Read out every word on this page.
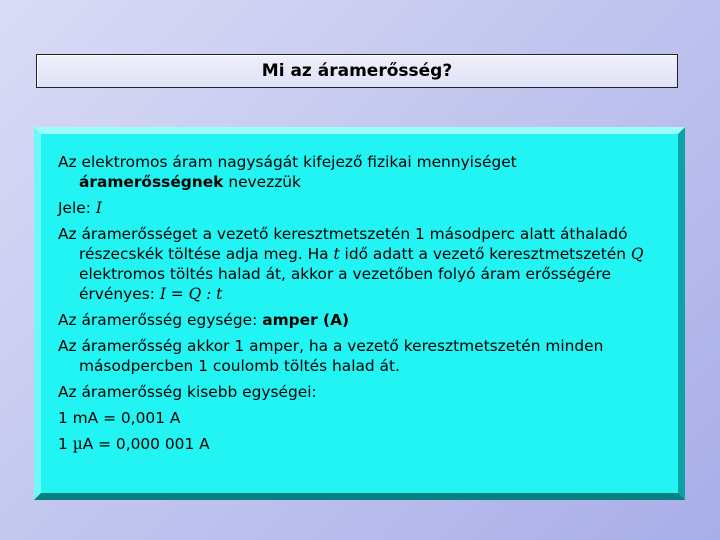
Mi az áramerősség?

Az elektromos áram nagyságát kifejező fizikai mennyiséget áramerősségnek nevezzük

Jele: I

Az áramerősséget a vezető keresztmetszetén 1 másodperc alatt áthaladó részecskék töltése adja meg. Ha t idő adatt a vezető keresztmetszetén Q elektromos töltés halad át, akkor a vezetőben folyó áram erősségére érvényes: I = Q : t

Az áramerősség egysége: amper (A)

Az áramerősség akkor 1 amper, ha a vezető keresztmetszetén minden másodpercben 1 coulomb töltés halad át.

Az áramerősség kisebb egységei:

1 mA = 0,001 A

1 µA = 0,000 001 A
